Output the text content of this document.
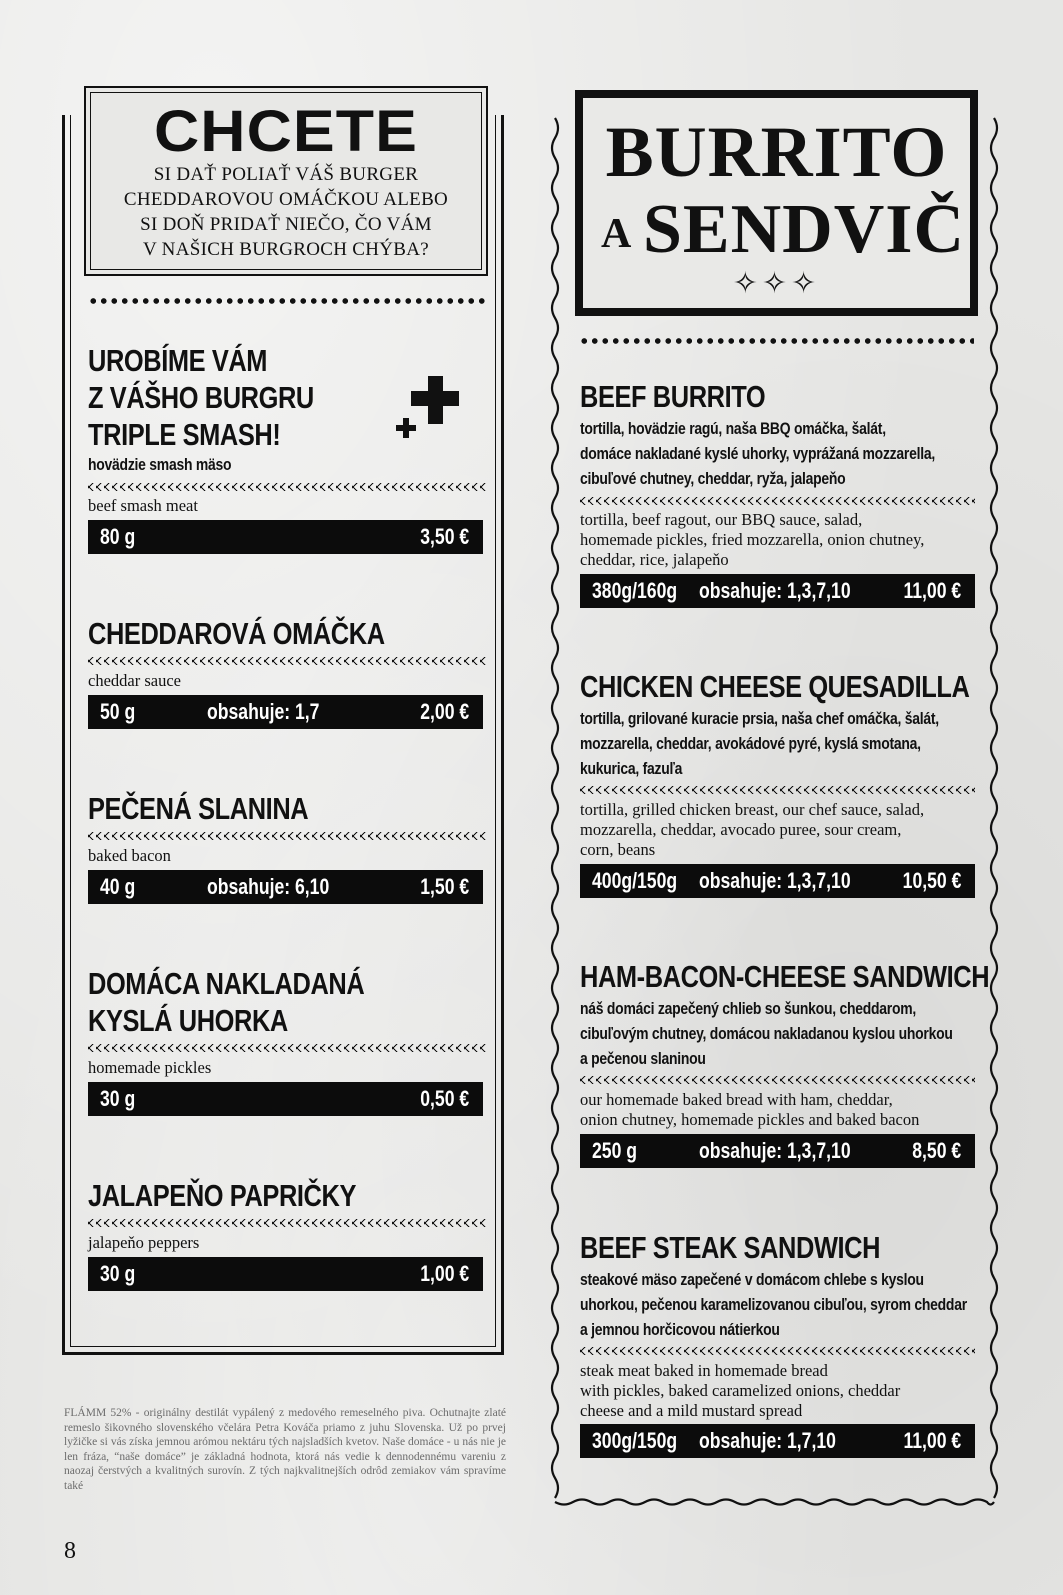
CHCETE
SI DAŤ POLIAŤ VÁŠ BURGER
CHEDDAROVOU OMÁČKOU ALEBO
SI DOŇ PRIDAŤ NIEČO, ČO VÁM
V NAŠICH BURGROCH CHÝBA?
UROBÍME VÁM
Z VÁŠHO BURGRU
TRIPLE SMASH!
hovädzie smash mäso
beef smash meat
80 g	3,50 €
CHEDDAROVÁ OMÁČKA
cheddar sauce
50 g	obsahuje: 1,7	2,00 €
PEČENÁ SLANINA
baked bacon
40 g	obsahuje: 6,10	1,50 €
DOMÁCA NAKLADANÁ
KYSLÁ UHORKA
homemade pickles
30 g	0,50 €
JALAPEŇO PAPRIČKY
jalapeňo peppers
30 g	1,00 €
FLÁMM 52% - originálny destilát vypálený z medového remeselného piva. Ochutnajte zlaté remeslo šikovného slovenského včelára Petra Kováča priamo z juhu Slovenska. Už po prvej lyžičke si vás získa jemnou arómou nektáru tých najsladších kvetov. Naše domáce - u nás nie je len fráza, “naše domáce” je základná hodnota, ktorá nás vedie k dennodennému vareniu z naozaj čerstvých a kvalitných surovín. Z tých najkvalitnejších odrôd zemiakov vám spravíme také
8
BURRITO
A SENDVIČ
✧✧✧
BEEF BURRITO
tortilla, hovädzie ragú, naša BBQ omáčka, šalát,
domáce nakladané kyslé uhorky, vyprážaná mozzarella,
cibuľové chutney, cheddar, ryža, jalapeňo
tortilla, beef ragout, our BBQ sauce, salad,
homemade pickles, fried mozzarella, onion chutney,
cheddar, rice, jalapeňo
380g/160g obsahuje: 1,3,7,10 11,00 €
CHICKEN CHEESE QUESADILLA
tortilla, grilované kuracie prsia, naša chef omáčka, šalát,
mozzarella, cheddar, avokádové pyré, kyslá smotana,
kukurica, fazuľa
tortilla, grilled chicken breast, our chef sauce, salad,
mozzarella, cheddar, avocado puree, sour cream,
corn, beans
400g/150g obsahuje: 1,3,7,10 10,50 €
HAM-BACON-CHEESE SANDWICH
náš domáci zapečený chlieb so šunkou, cheddarom,
cibuľovým chutney, domácou nakladanou kyslou uhorkou
a pečenou slaninou
our homemade baked bread with ham, cheddar,
onion chutney, homemade pickles and baked bacon
250 g	obsahuje: 1,3,7,10	8,50 €
BEEF STEAK SANDWICH
steakové mäso zapečené v domácom chlebe s kyslou
uhorkou, pečenou karamelizovanou cibuľou, syrom cheddar
a jemnou horčicovou nátierkou
steak meat baked in homemade bread
with pickles, baked caramelized onions, cheddar
cheese and a mild mustard spread
300g/150g obsahuje: 1,7,10	11,00 €
